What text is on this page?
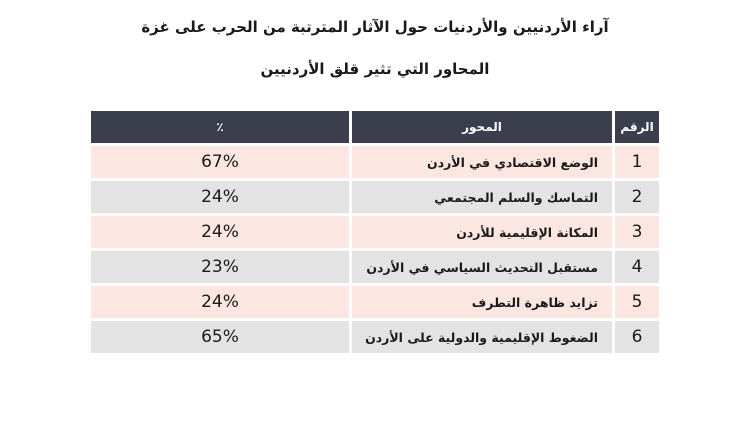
آراء الأردنيين والأردنيات حول الآثار المترتبة من الحرب على غزة
المحاور التي تثير قلق الأردنيين
الرقم
المحور
٪
1
الوضع الاقتصادي في الأردن
67%
2
التماسك والسلم المجتمعي
24%
3
المكانة الإقليمية للأردن
24%
4
مستقبل التحديث السياسي في الأردن
23%
5
تزايد ظاهرة التطرف
24%
6
الضغوط الإقليمية والدولية على الأردن
65%
